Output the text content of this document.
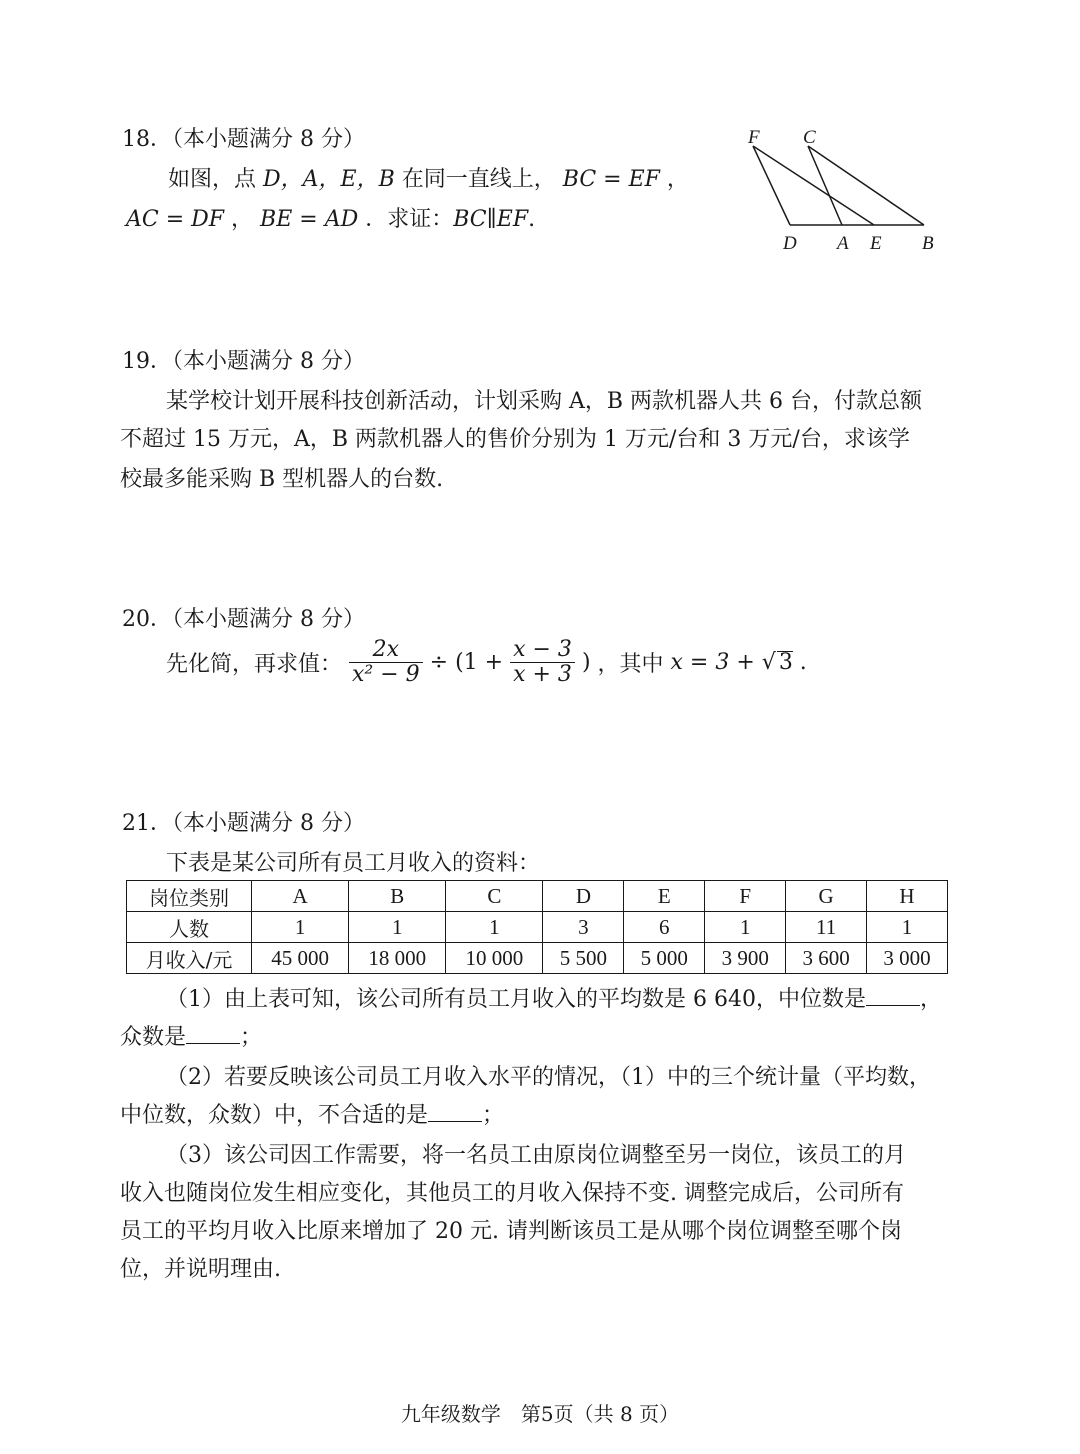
18．（本小题满分 8 分）
如图，点 D，A，E，B 在同一直线上， BC = EF ，
AC = DF ， BE = AD ．求证：BC∥EF.
F C
D A E B
19．（本小题满分 8 分）
某学校计划开展科技创新活动，计划采购 A，B 两款机器人共 6 台，付款总额
不超过 15 万元，A，B 两款机器人的售价分别为 1 万元/台和 3 万元/台，求该学
校最多能采购 B 型机器人的台数.
20．（本小题满分 8 分）
先化简，再求值： $\frac{2x}{\text{x² − 9}} \div (1 + \frac{x - 3}{x + 3}$ ) ，其中 x = 3 + √ 3 .
21．（本小题满分 8 分）
下表是某公司所有员工月收入的资料：
岗位类别	A	B	C	D	E	F	G	H
人数	1	1	1	3	6	1	11	1
月收入/元	45 000	18 000	10 000	5 500	5 000	3 900	3 600	3 000
（1）由上表可知，该公司所有员工月收入的平均数是 6 640，中位数是 ，
众数是 ；
（2）若要反映该公司员工月收入水平的情况，（1）中的三个统计量（平均数，
中位数，众数）中，不合适的是 ；
（3）该公司因工作需要，将一名员工由原岗位调整至另一岗位，该员工的月
收入也随岗位发生相应变化，其他员工的月收入保持不变. 调整完成后，公司所有
员工的平均月收入比原来增加了 20 元. 请判断该员工是从哪个岗位调整至哪个岗
位，并说明理由.
九年级数学　第5页（共 8 页）
